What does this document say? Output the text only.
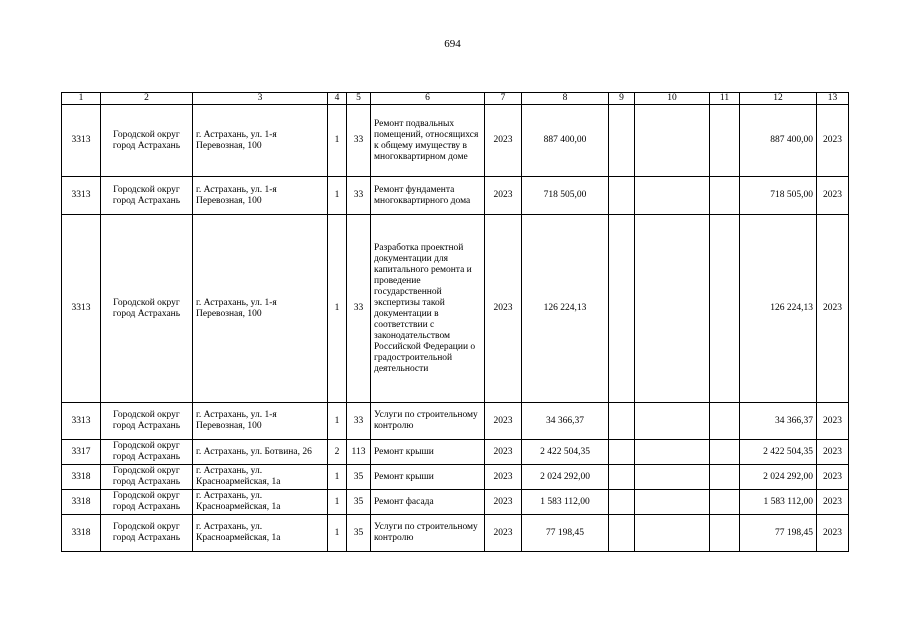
694
1	2	3	4	5	6	7	8	9	10	11	12	13
3313	Городской округ город Астрахань	г. Астрахань, ул. 1-я Перевозная, 100	1	33	Ремонт подвальных помещений, относящихся к общему имуществу в многоквартирном доме	2023	887 400,00				887 400,00	2023
3313	Городской округ город Астрахань	г. Астрахань, ул. 1-я Перевозная, 100	1	33	Ремонт фундамента многоквартирного дома	2023	718 505,00				718 505,00	2023
3313	Городской округ город Астрахань	г. Астрахань, ул. 1-я Перевозная, 100	1	33	Разработка проектной документации для капитального ремонта и проведение государственной экспертизы такой документации в соответствии с законодательством Российской Федерации о градостроительной деятельности	2023	126 224,13				126 224,13	2023
3313	Городской округ город Астрахань	г. Астрахань, ул. 1-я Перевозная, 100	1	33	Услуги по строительному контролю	2023	34 366,37				34 366,37	2023
3317	Городской округ город Астрахань	г. Астрахань, ул. Ботвина, 26	2	113	Ремонт крыши	2023	2 422 504,35				2 422 504,35	2023
3318	Городской округ город Астрахань	г. Астрахань, ул. Красноармейская, 1а	1	35	Ремонт крыши	2023	2 024 292,00				2 024 292,00	2023
3318	Городской округ город Астрахань	г. Астрахань, ул. Красноармейская, 1а	1	35	Ремонт фасада	2023	1 583 112,00				1 583 112,00	2023
3318	Городской округ город Астрахань	г. Астрахань, ул. Красноармейская, 1а	1	35	Услуги по строительному контролю	2023	77 198,45				77 198,45	2023
